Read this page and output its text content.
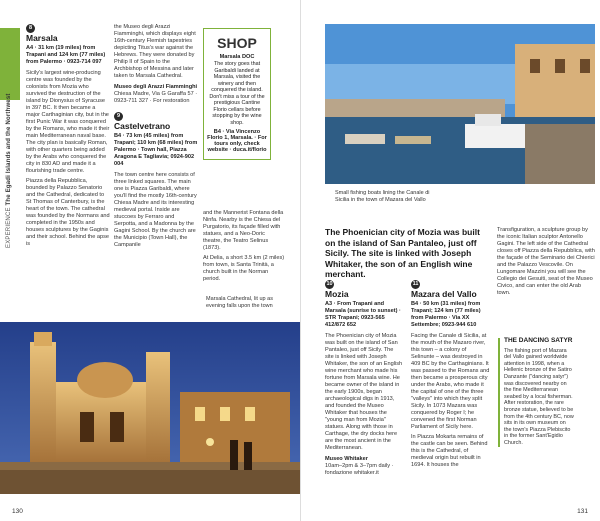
EXPERIENCE The Egadi Islands and the Northwest
8
Marsala
A4 · 31 km (19 miles) from Trapani and 124 km (77 miles) from Palermo · 0923-714 097

Sicily's largest wine-producing centre was founded by the colonists from Mozia who survived the destruction of the island by Dionysius of Syracuse in 397 BC. It then became a major Carthaginian city, but in the first Punic War it was conquered by the Romans, who made it their main Mediterranean naval base. The city plan is basically Roman, with other quarters being added by the Arabs who conquered the city in 830 AD and made it a flourishing trade centre.

Piazza della Repubblica, bounded by Palazzo Senatorio and the Cathedral, dedicated to St Thomas of Canterbury, is the heart of the town. The cathedral was founded by the Normans and completed in the 1950s and houses sculptures by the Gaginis and their school. Behind the apse is

the Museo degli Arazzi Fiamminghi, which displays eight 16th-century Flemish tapestries depicting Titus's war against the Hebrews. They were donated by Philip II of Spain to the Archbishop of Messina and later taken to Marsala Cathedral.

Museo degli Arazzi Fiamminghi
Chiesa Madre, Via G Garaffa 57 · 0923-711 327 · For restoration
9
Castelvetrano
B4 · 73 km (45 miles) from Trapani; 110 km (68 miles) from Palermo · Town hall, Piazza Aragona E Tagliavia; 0924-902 004

The town centre here consists of three linked squares. The main one is Piazza Garibaldi, where you'll find the mostly 16th-century Chiesa Madre and its interesting medieval portal. Inside are stuccoes by Ferraro and Serpotta, and a Madonna by the Gagini School. By the church are the Municipio (Town Hall), the Campanile

SHOP
Marsala DOC
The story goes that Garibaldi landed at Marsala, visited the winery and then conquered the island. Don't miss a tour of the prestigious Cantine Florio cellars before stopping by the wine shop.
B4 · Via Vincenzo Florio 1, Marsala. · For tours only, check website · duca.it/florio

and the Mannerist Fontana della Ninfa. Nearby is the Chiesa del Purgatorio, its façade filled with statues, and a Neo-Doric theatre, the Teatro Selinus (1873).

At Delia, a short 3.5 km (2 miles) from town, is Santa Trinità, a church built in the Norman period.

Marsala Cathedral, lit up as evening falls upon the town
130
Small fishing boats lining the Canale di Sicilia in the town of Mazara del Vallo
The Phoenician city of Mozia was built on the island of San Pantaleo, just off Sicily. The site is linked with Joseph Whitaker, the son of an English wine merchant.
Transfiguration, a sculpture group by the iconic Italian sculptor Antonello Gagini. The left side of the Cathedral closes off Piazza della Repubblica, with the façade of the Seminario dei Chierici and the Palazzo Vescovile. On Lungomare Mazzini you will see the Collegio dei Gesuiti, seat of the Museo Civico, and can enter the old Arab town.
10
Mozia
A3 · From Trapani and Marsala (sunrise to sunset) · STR Trapani; 0923-565 412/872 652

The Phoenician city of Mozia was built on the island of San Pantaleo, just off Sicily. The site is linked with Joseph Whitaker, the son of an English wine merchant who made his fortune from Marsala wine. He became owner of the island in the early 1900s, began archaeological digs in 1913, and founded the Museo Whitaker that houses the "young man from Mozia" statues. Along with those in Carthage, the dry docks here are the most ancient in the Mediterranean.

Museo Whitaker
10am–2pm & 3–7pm daily · fondazione whitaker.it
11
Mazara del Vallo
B4 · 50 km (31 miles) from Trapani; 124 km (77 miles) from Palermo · Via XX Settembre; 0923-944 610

Facing the Canale di Sicilia, at the mouth of the Mazaro river, this town – a colony of Selinunte – was destroyed in 409 BC by the Carthaginians. It was passed to the Romans and then became a prosperous city under the Arabs, who made it the capital of one of the three "valleys" into which they split Sicily. In 1073 Mazara was conquered by Roger I; he convened the first Norman Parliament of Sicily here.

In Piazza Mokarta remains of the castle can be seen. Behind this is the Cathedral, of medieval origin but rebuilt in 1694. It houses the

131
THE DANCING SATYR
The fishing port of Mazara del Vallo gained worldwide attention in 1998, when a Hellenic bronze of the Satiro Danzante ("dancing satyr") was discovered nearby on the fine Mediterranean seabed by a local fisherman. After restoration, the rare bronze statue, believed to be from the 4th century BC, now sits in its own museum on the town's Piazza Plebiscito in the former Sant'Egidio Church.
